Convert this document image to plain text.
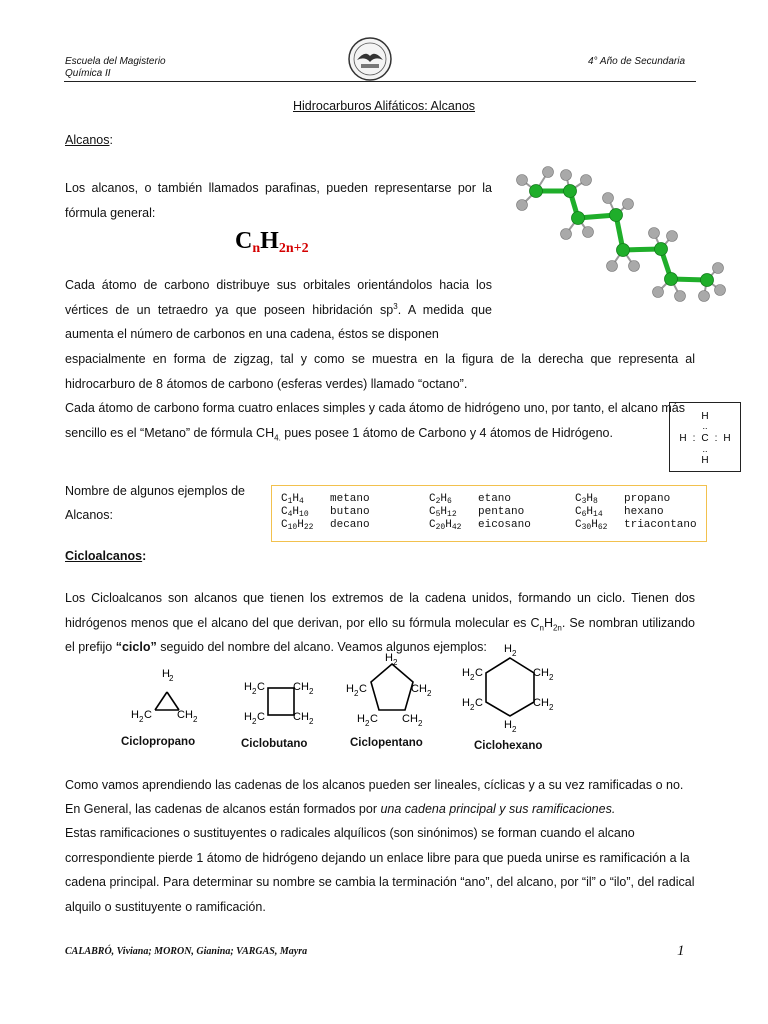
Escuela del Magisterio
Química II
4° Año de Secundaria
Hidrocarburos Alifáticos: Alcanos
Alcanos:
Los alcanos, o también llamados parafinas, pueden representarse por la fórmula general:
CnH2n+2
Cada átomo de carbono distribuye sus orbitales orientándolos hacia los vértices de un tetraedro ya que poseen hibridación $sp^3$. A medida que aumenta el número de carbonos en una cadena, éstos se disponen
espacialmente en forma de zigzag, tal y como se muestra en la figura de la derecha que representa al hidrocarburo de 8 átomos de carbono (esferas verdes) llamado “octano”.
Cada átomo de carbono forma cuatro enlaces simples y cada átomo de hidrógeno uno, por tanto, el alcano más sencillo es el “Metano” de fórmula $CH_{4.}$ pues posee 1 átomo de Carbono y 4 átomos de Hidrógeno.
H
..
H : C : H
..
H
Nombre de algunos ejemplos de Alcanos:
C1H4 metano	C2H6 etano	C3H8 propano
C4H10 butano	C5H12 pentano	C6H14 hexano
C10H22 decano	C20H42 eicosano	C30H62 triacontano
Cicloalcanos:
Los Cicloalcanos son alcanos que tienen los extremos de la cadena unidos, formando un ciclo. Tienen dos hidrógenos menos que el alcano del que derivan, por ello su fórmula molecular es $C_nH_{2n}$. Se nombran utilizando el prefijo “ciclo” seguido del nombre del alcano. Veamos algunos ejemplos:
H 2
H 2 C CH 2
H 2 C	CH 2
H 2 C	CH 2
H 2
H 2 C	CH 2
H 2 C CH 2
H 2
H 2 C	CH 2
H 2 C	CH 2
H 2
Ciclopropano	Ciclobutano	Ciclopentano	Ciclohexano
Como vamos aprendiendo las cadenas de los alcanos pueden ser lineales, cíclicas y a su vez ramificadas o no.
En General, las cadenas de alcanos están formados por una cadena principal y sus ramificaciones.
Estas ramificaciones o sustituyentes o radicales alquílicos (son sinónimos) se forman cuando el alcano correspondiente pierde 1 átomo de hidrógeno dejando un enlace libre para que pueda unirse es ramificación a la cadena principal. Para determinar su nombre se cambia la terminación “ano”, del alcano, por “il” o “ilo”, del radical alquilo o sustituyente o ramificación.
CALABRÓ, Viviana; MORON, Gianina; VARGAS, Mayra	1
